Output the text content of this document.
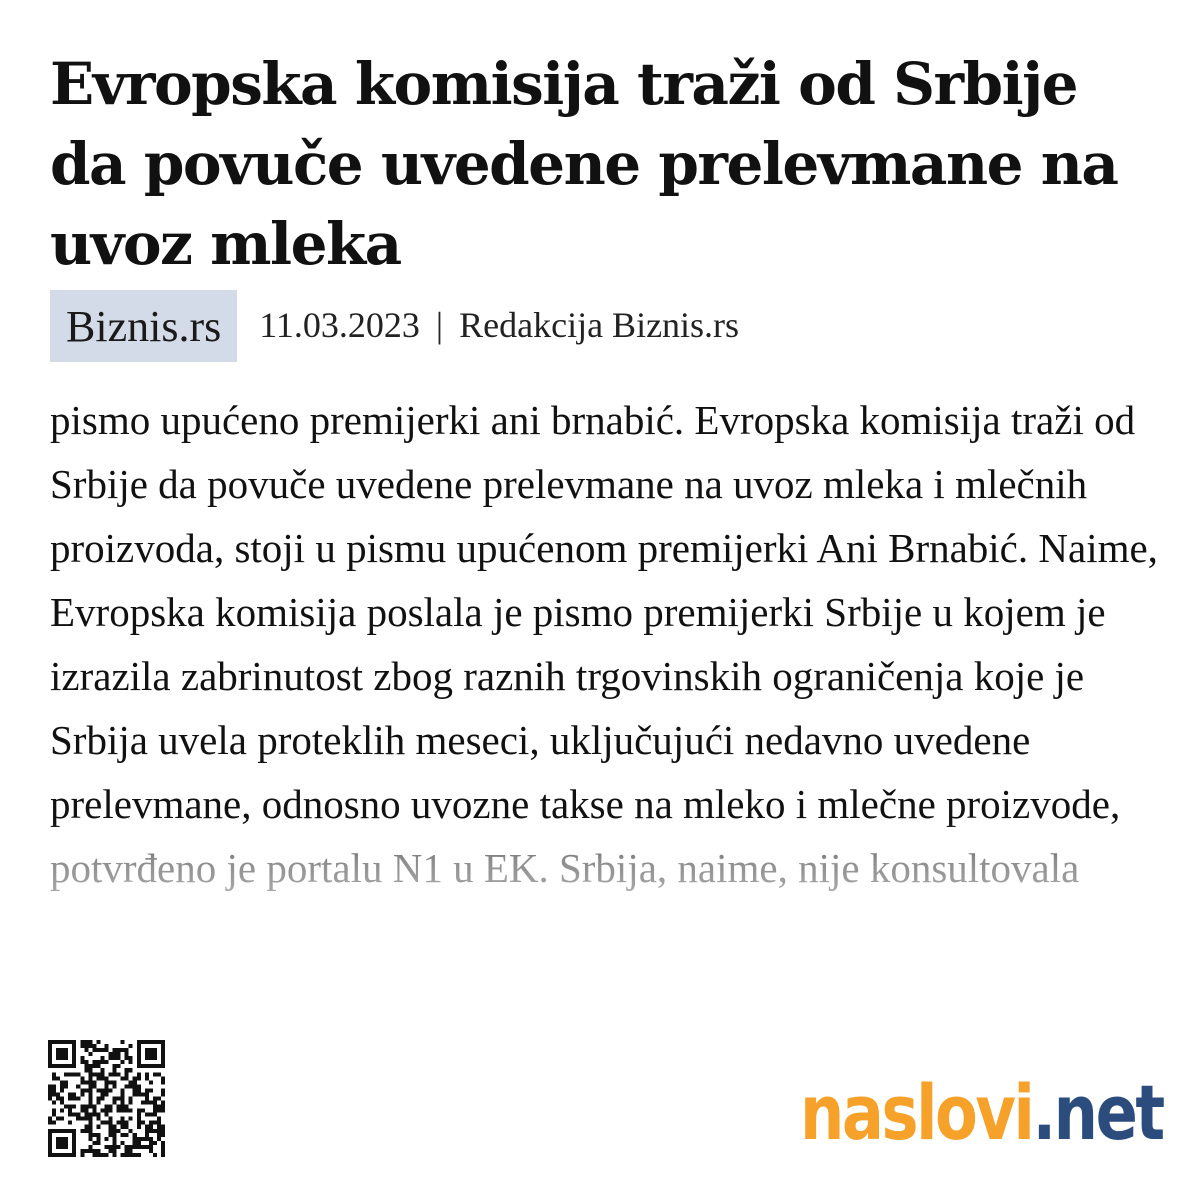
Evropska komisija traži od Srbije da povuče uvedene prelevmane na uvoz mleka
Biznis.rs	11.03.2023 | Redakcija Biznis.rs

pismo upućeno premijerki ani brnabić. Evropska komisija traži od Srbije da povuče uvedene prelevmane na uvoz mleka i mlečnih proizvoda, stoji u pismu upućenom premijerki Ani Brnabić. Naime, Evropska komisija poslala je pismo premijerki Srbije u kojem je izrazila zabrinutost zbog raznih trgovinskih ograničenja koje je Srbija uvela proteklih meseci, uključujući nedavno uvedene prelevmane, odnosno uvozne takse na mleko i mlečne proizvode, potvrđeno je portalu N1 u EK. Srbija, naime, nije konsultovala

naslovi.net
